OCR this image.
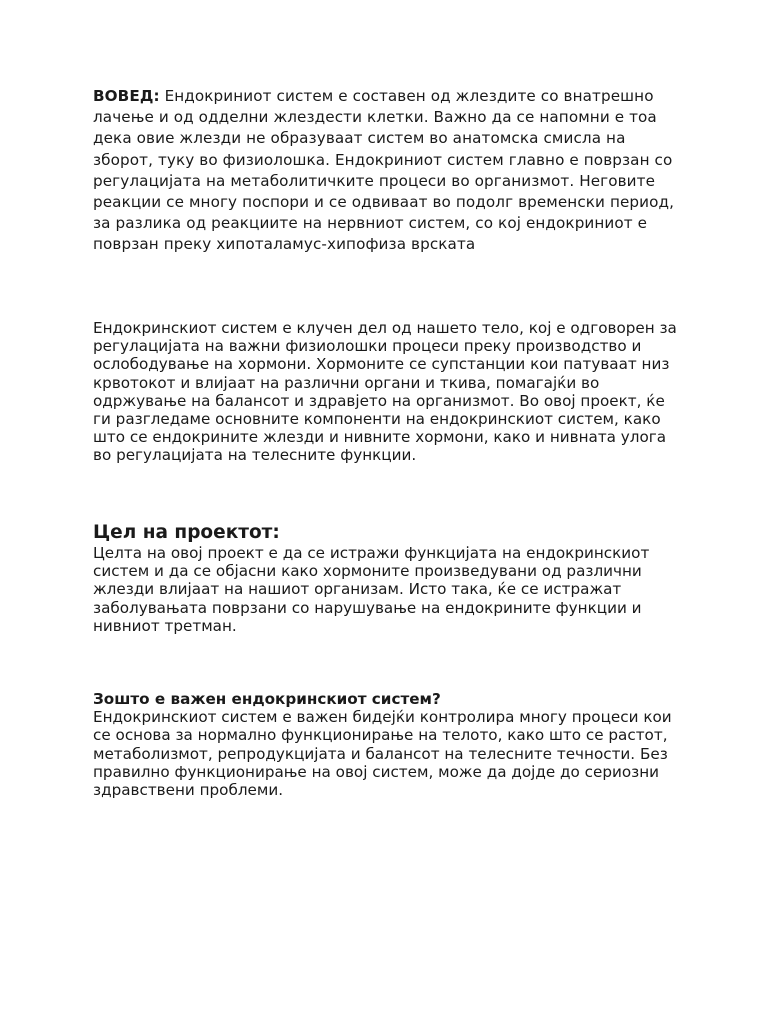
ВОВЕД: Ендокриниот систем е составен од жлездите со внатрешно лачење и од одделни жлездести клетки. Важно да се напомни е тоа дека овие жлезди не образуваат систем во анатомска смисла на зборот, туку во физиолошка. Ендокриниот систем главно е поврзан со регулацијата на метаболитичките процеси во организмот. Неговите реакции се многу поспори и се одвиваат во подолг временски период, за разлика од реакциите на нервниот систем, со кој ендокриниот е поврзан преку хипоталамус-хипофиза врската

Ендокринскиот систем е клучен дел од нашето тело, кој е одговорен за регулацијата на важни физиолошки процеси преку производство и ослободување на хормони. Хормоните се супстанции кои патуваат низ крвотокот и влијаат на различни органи и ткива, помагајќи во одржување на балансот и здравјето на организмот. Во овој проект, ќе ги разгледаме основните компоненти на ендокринскиот систем, како што се ендокрините жлезди и нивните хормони, како и нивната улога во регулацијата на телесните функции.

Цел на проектот:

Целта на овој проект е да се истражи функцијата на ендокринскиот систем и да се објасни како хормоните произведувани од различни жлезди влијаат на нашиот организам. Исто така, ќе се истражат заболувањата поврзани со нарушување на ендокрините функции и нивниот третман.

Зошто е важен ендокринскиот систем?

Ендокринскиот систем е важен бидејќи контролира многу процеси кои се основа за нормално функционирање на телото, како што се растот, метаболизмот, репродукцијата и балансот на телесните течности. Без правилно функционирање на овој систем, може да дојде до сериозни здравствени проблеми.
